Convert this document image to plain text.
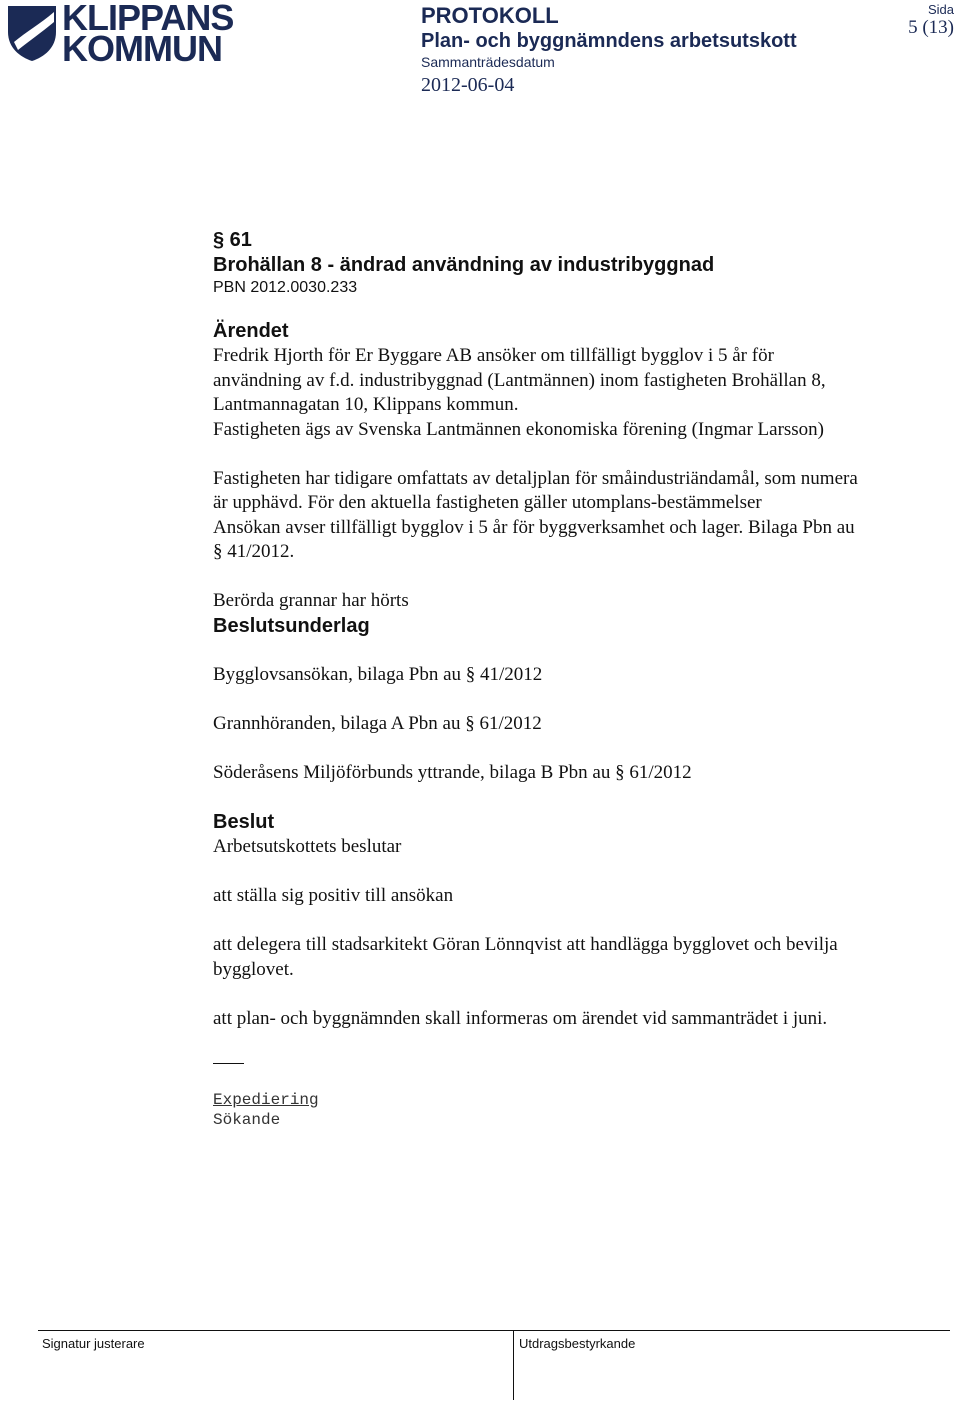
KLIPPANS
KOMMUN
PROTOKOLL
Plan- och byggnämndens arbetsutskott
Sammanträdesdatum
2012-06-04
Sida
5 (13)
§ 61
Brohällan 8 - ändrad användning av industribyggnad
PBN 2012.0030.233
Ärendet

Fredrik Hjorth för Er Byggare AB ansöker om tillfälligt bygglov i 5 år för

användning av f.d. industribyggnad (Lantmännen) inom fastigheten Brohällan 8,

Lantmannagatan 10, Klippans kommun.

Fastigheten ägs av Svenska Lantmännen ekonomiska förening (Ingmar Larsson)

Fastigheten har tidigare omfattats av detaljplan för småindustriändamål, som numera

är upphävd. För den aktuella fastigheten gäller utomplans-bestämmelser

Ansökan avser tillfälligt bygglov i 5 år för byggverksamhet och lager. Bilaga Pbn au

§ 41/2012.

Berörda grannar har hörts

Beslutsunderlag

Bygglovsansökan, bilaga Pbn au § 41/2012

Grannhöranden, bilaga A Pbn au § 61/2012

Söderåsens Miljöförbunds yttrande, bilaga B Pbn au § 61/2012

Beslut

Arbetsutskottets beslutar

att ställa sig positiv till ansökan

att delegera till stadsarkitekt Göran Lönnqvist att handlägga bygglovet och bevilja

bygglovet.

att plan- och byggnämnden skall informeras om ärendet vid sammanträdet i juni.

Expediering
Sökande
Signatur justerare	Utdragsbestyrkande
